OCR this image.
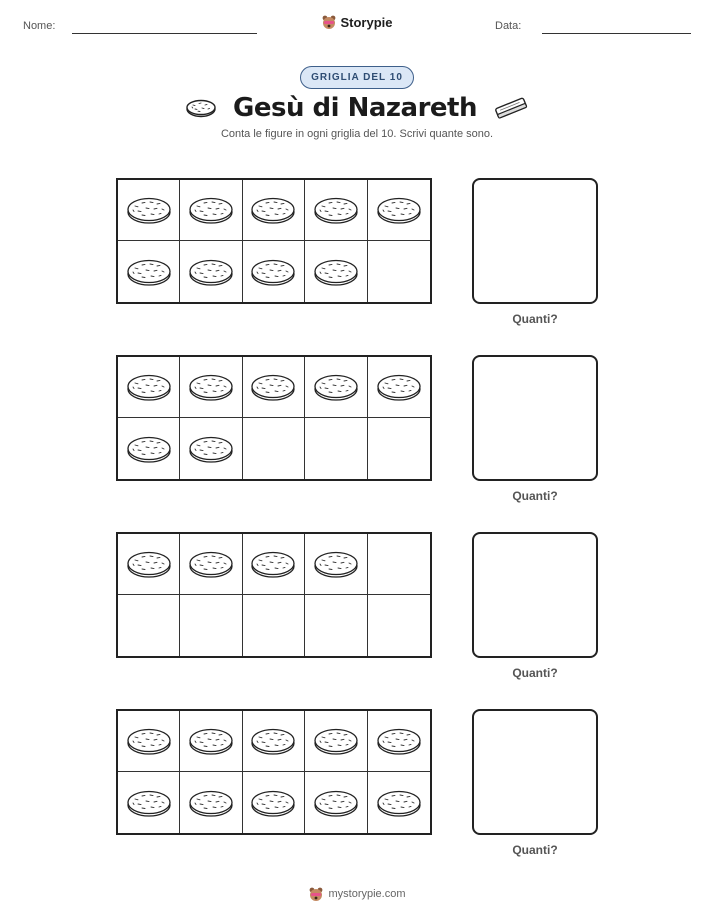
Nome:	Storypie	Data:
GRIGLIA DEL 10
Gesù di Nazareth
Conta le figure in ogni griglia del 10. Scrivi quante sono.
Quanti?
Quanti?
Quanti?
Quanti?
mystorypie.com
